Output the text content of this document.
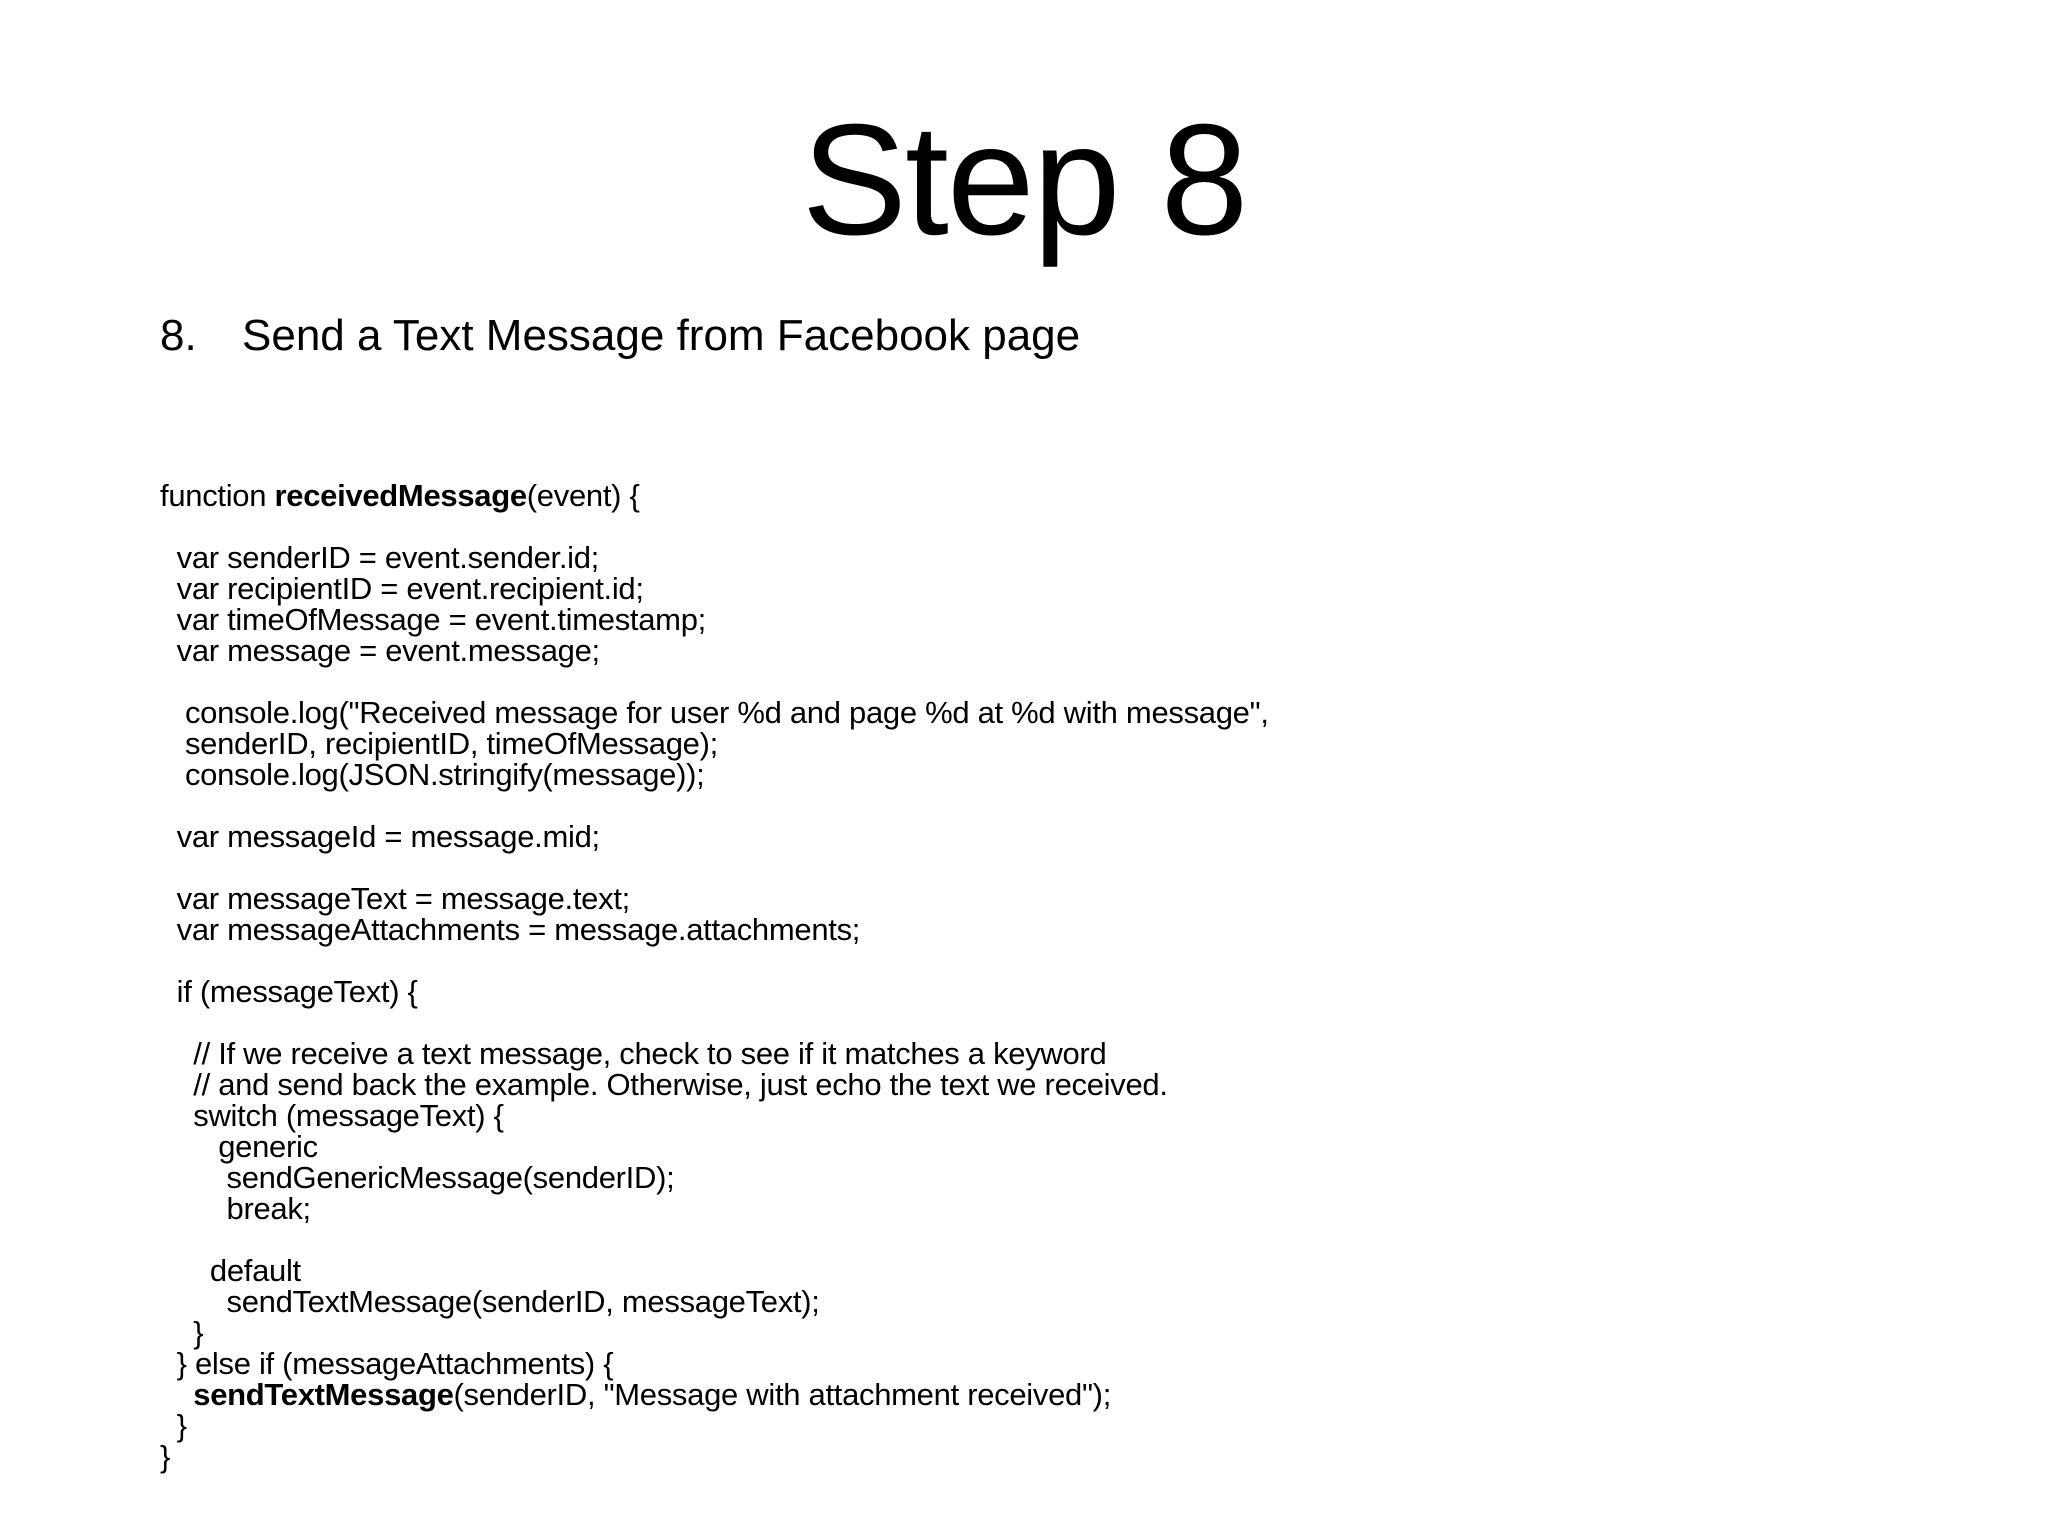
Step 8
8. Send a Text Message from Facebook page
function receivedMessage(event) {
var senderID = event.sender.id;
var recipientID = event.recipient.id;
var timeOfMessage = event.timestamp;
var message = event.message;
console.log("Received message for user %d and page %d at %d with message",
senderID, recipientID, timeOfMessage);
console.log(JSON.stringify(message));
var messageId = message.mid;
var messageText = message.text;
var messageAttachments = message.attachments;
if (messageText) {
// If we receive a text message, check to see if it matches a keyword
// and send back the example. Otherwise, just echo the text we received.
switch (messageText) {
generic
sendGenericMessage(senderID);
break;
default
sendTextMessage(senderID, messageText);
}
} else if (messageAttachments) {
sendTextMessage(senderID, "Message with attachment received");
}
}
